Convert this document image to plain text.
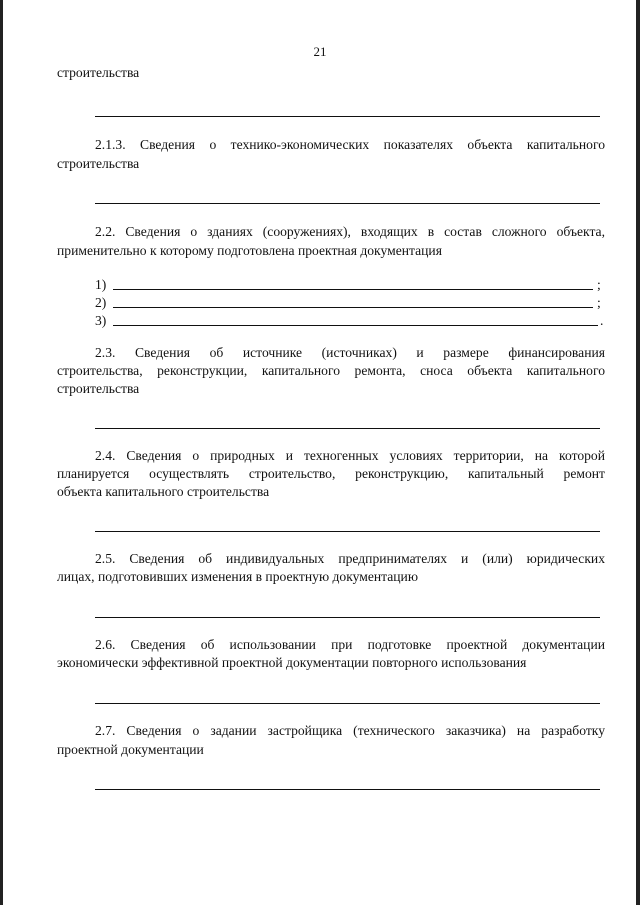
21
строительства
2.1.3. Сведения о технико-экономических показателях объекта капитального
строительства
2.2. Сведения о зданиях (сооружениях), входящих в состав сложного объекта,
применительно к которому подготовлена проектная документация
1)	;
2)	;
3)	.
2.3. Сведения об источнике (источниках) и размере финансирования
строительства, реконструкции, капитального ремонта, сноса объекта капитального
строительства
2.4. Сведения о природных и техногенных условиях территории, на которой
планируется осуществлять строительство, реконструкцию, капитальный ремонт
объекта капитального строительства
2.5. Сведения об индивидуальных предпринимателях и (или) юридических
лицах, подготовивших изменения в проектную документацию
2.6. Сведения об использовании при подготовке проектной документации
экономически эффективной проектной документации повторного использования
2.7. Сведения о задании застройщика (технического заказчика) на разработку
проектной документации
